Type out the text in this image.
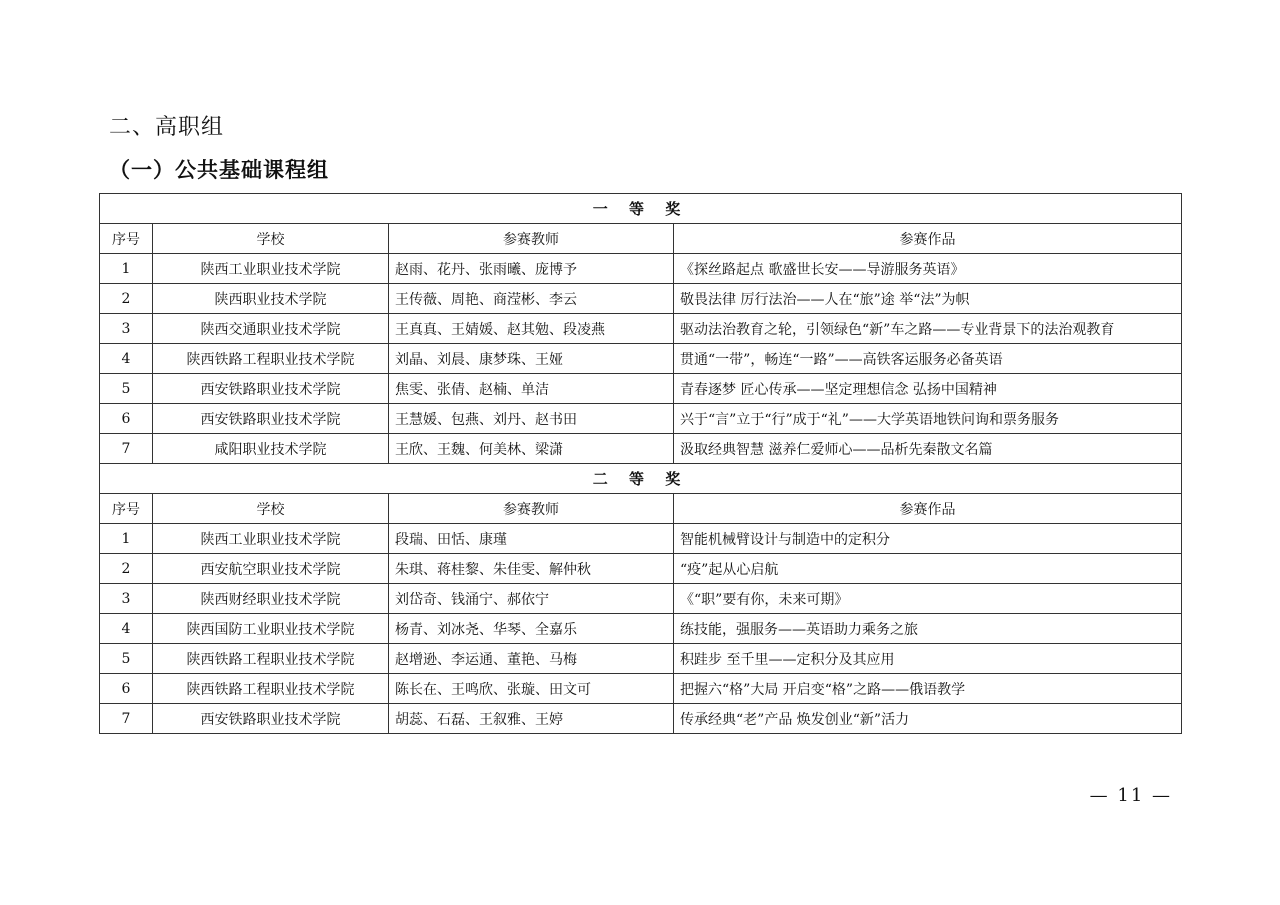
二、高职组
（一）公共基础课程组
一 等 奖			
序号	学校	参赛教师	参赛作品
1	陕西工业职业技术学院	赵雨、花丹、张雨曦、庞博予	《探丝路起点 歌盛世长安——导游服务英语》
2	陕西职业技术学院	王传薇、周艳、商滢彬、李云	敬畏法律 厉行法治——人在“旅”途 举“法”为帜
3	陕西交通职业技术学院	王真真、王婧媛、赵其勉、段凌燕	驱动法治教育之轮，引领绿色“新”车之路——专业背景下的法治观教育
4	陕西铁路工程职业技术学院	刘晶、刘晨、康梦珠、王娅	贯通“一带”，畅连“一路”——高铁客运服务必备英语
5	西安铁路职业技术学院	焦雯、张倩、赵楠、单洁	青春逐梦 匠心传承——坚定理想信念 弘扬中国精神
6	西安铁路职业技术学院	王慧媛、包燕、刘丹、赵书田	兴于“言”立于“行”成于“礼”——大学英语地铁问询和票务服务
7	咸阳职业技术学院	王欣、王魏、何美林、梁潇	汲取经典智慧 滋养仁爱师心——品析先秦散文名篇
二 等 奖			
序号	学校	参赛教师	参赛作品
1	陕西工业职业技术学院	段瑞、田恬、康瑾	智能机械臂设计与制造中的定积分
2	西安航空职业技术学院	朱琪、蒋桂黎、朱佳雯、解仲秋	“疫”起从心启航
3	陕西财经职业技术学院	刘岱奇、钱涌宁、郝依宁	《“职”要有你，未来可期》
4	陕西国防工业职业技术学院	杨青、刘冰尧、华琴、全嘉乐	练技能，强服务——英语助力乘务之旅
5	陕西铁路工程职业技术学院	赵增逊、李运通、董艳、马梅	积跬步 至千里——定积分及其应用
6	陕西铁路工程职业技术学院	陈长在、王鸣欣、张璇、田文可	把握六“格”大局 开启变“格”之路——俄语教学
7	西安铁路职业技术学院	胡蕊、石磊、王叙雅、王婷	传承经典“老”产品 焕发创业“新”活力
— 11 —
